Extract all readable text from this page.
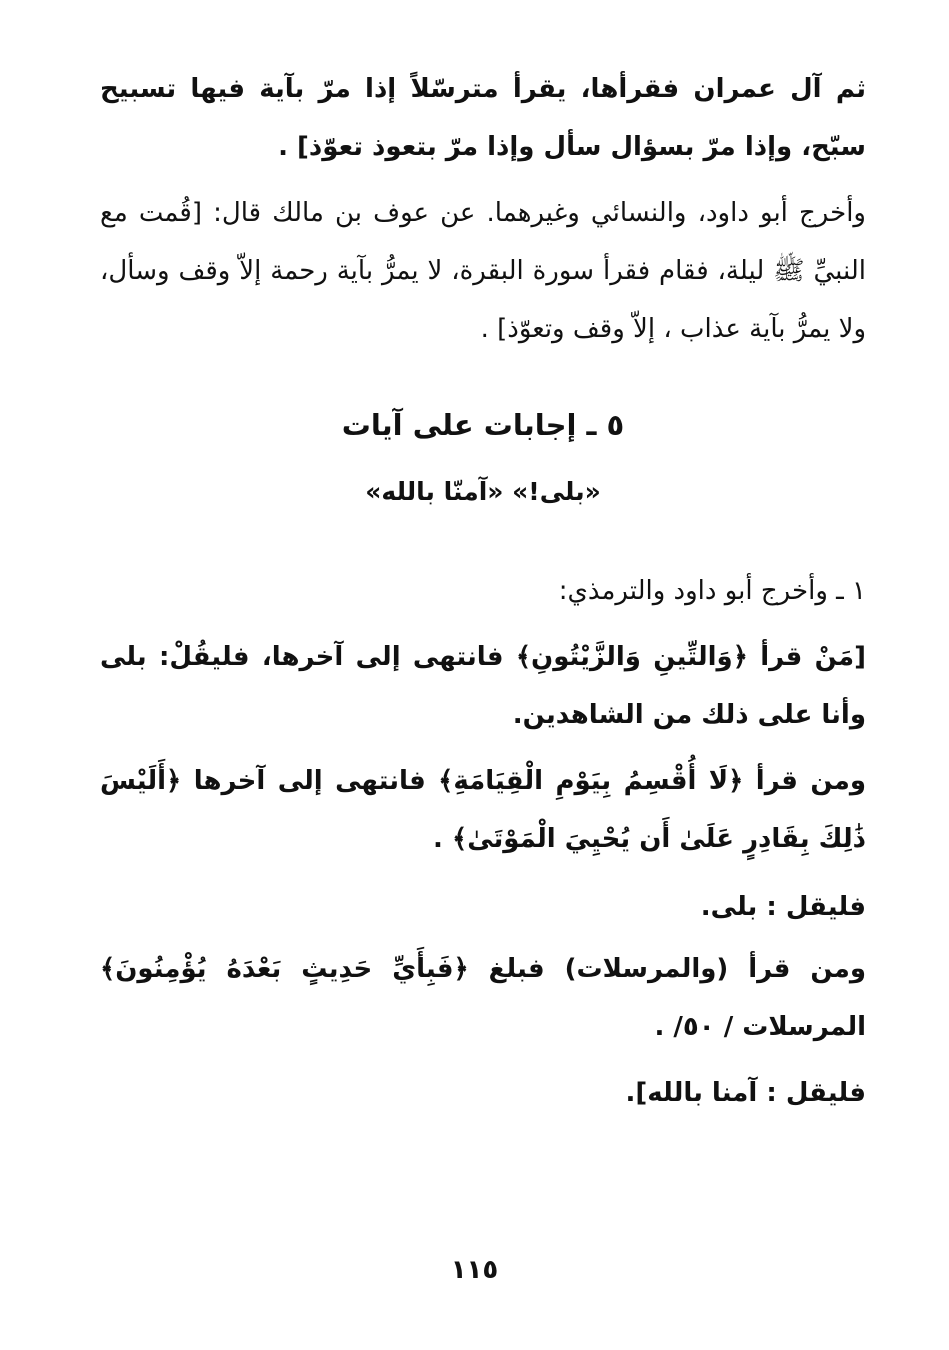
ثم آل عمران فقرأها، يقرأ مترسّلاً إذا مرّ بآية فيها تسبيح سبّح، وإذا مرّ بسؤال سأل وإذا مرّ بتعوذ تعوّذ] .
وأخرج أبو داود، والنسائي وغيرهما. عن عوف بن مالك قال: [قُمت مع النبيِّ ﷺ ليلة، فقام فقرأ سورة البقرة، لا يمرُّ بآية رحمة إلاّ وقف وسأل، ولا يمرُّ بآية عذاب ، إلاّ وقف وتعوّذ] .
٥ ـ إجابات على آيات
«بلى!» «آمنّا بالله»
١ ـ وأخرج أبو داود والترمذي:
[مَنْ قرأ ﴿وَالتِّينِ وَالزَّيْتُونِ﴾ فانتهى إلى آخرها، فليقُلْ: بلى وأنا على ذلك من الشاهدين.
ومن قرأ ﴿لَا أُقْسِمُ بِيَوْمِ الْقِيَامَةِ﴾ فانتهى إلى آخرها ﴿أَلَيْسَ ذَٰلِكَ بِقَادِرٍ عَلَىٰ أَن يُحْيِيَ الْمَوْتَىٰ﴾ .
فليقل : بلى.
ومن قرأ (والمرسلات) فبلغ ﴿فَبِأَيِّ حَدِيثٍ بَعْدَهُ يُؤْمِنُونَ﴾ المرسلات / ٥٠/ .
فليقل : آمنا بالله].
١١٥
